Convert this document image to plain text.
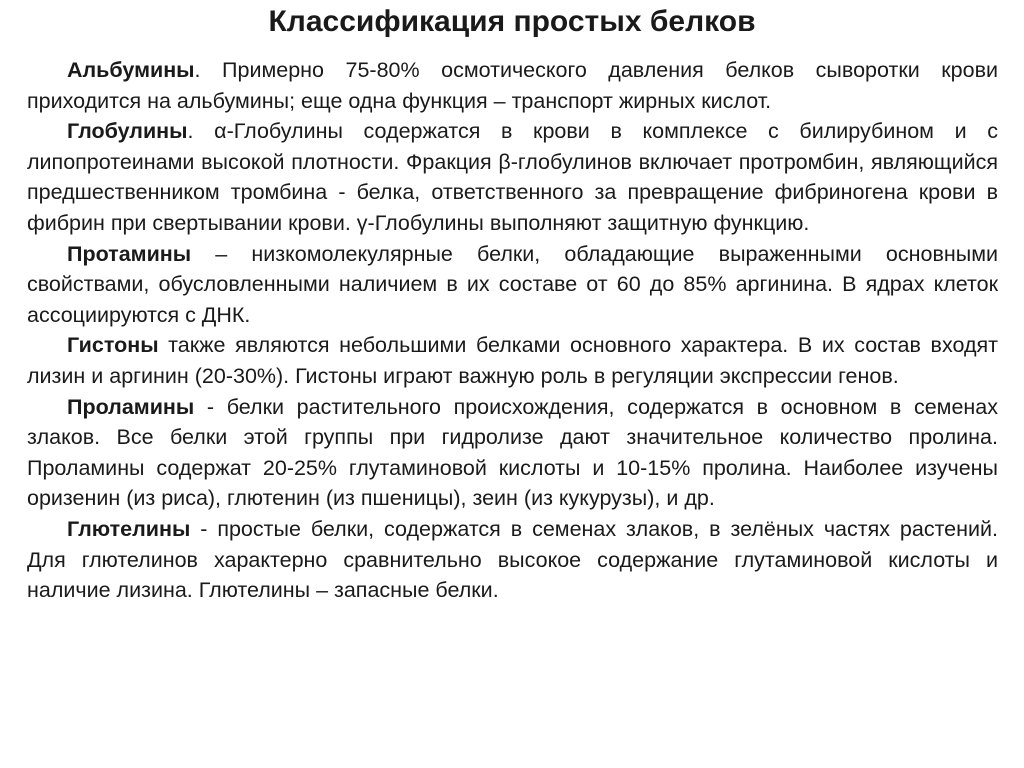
Классификация простых белков

Альбумины. Примерно 75-80% осмотического давления белков сыворотки крови приходится на альбумины; еще одна функция – транспорт жирных кислот.

Глобулины. α-Глобулины содержатся в крови в комплексе с билирубином и с липопротеинами высокой плотности. Фракция β-глобулинов включает протромбин, являющийся предшественником тромбина - белка, ответственного за превращение фибриногена крови в фибрин при свертывании крови. γ-Глобулины выполняют защитную функцию.

Протамины – низкомолекулярные белки, обладающие выраженными основными свойствами, обусловленными наличием в их составе от 60 до 85% аргинина. В ядрах клеток ассоциируются с ДНК.

Гистоны также являются небольшими белками основного характера. В их состав входят лизин и аргинин (20-30%). Гистоны играют важную роль в регуляции экспрессии генов.

Проламины - белки растительного происхождения, содержатся в основном в семенах злаков. Все белки этой группы при гидролизе дают значительное количество пролина. Проламины содержат 20-25% глутаминовой кислоты и 10-15% пролина. Наиболее изучены оризенин (из риса), глютенин (из пшеницы), зеин (из кукурузы), и др.

Глютелины - простые белки, содержатся в семенах злаков, в зелёных частях растений. Для глютелинов характерно сравнительно высокое содержание глутаминовой кислоты и наличие лизина. Глютелины – запасные белки.
